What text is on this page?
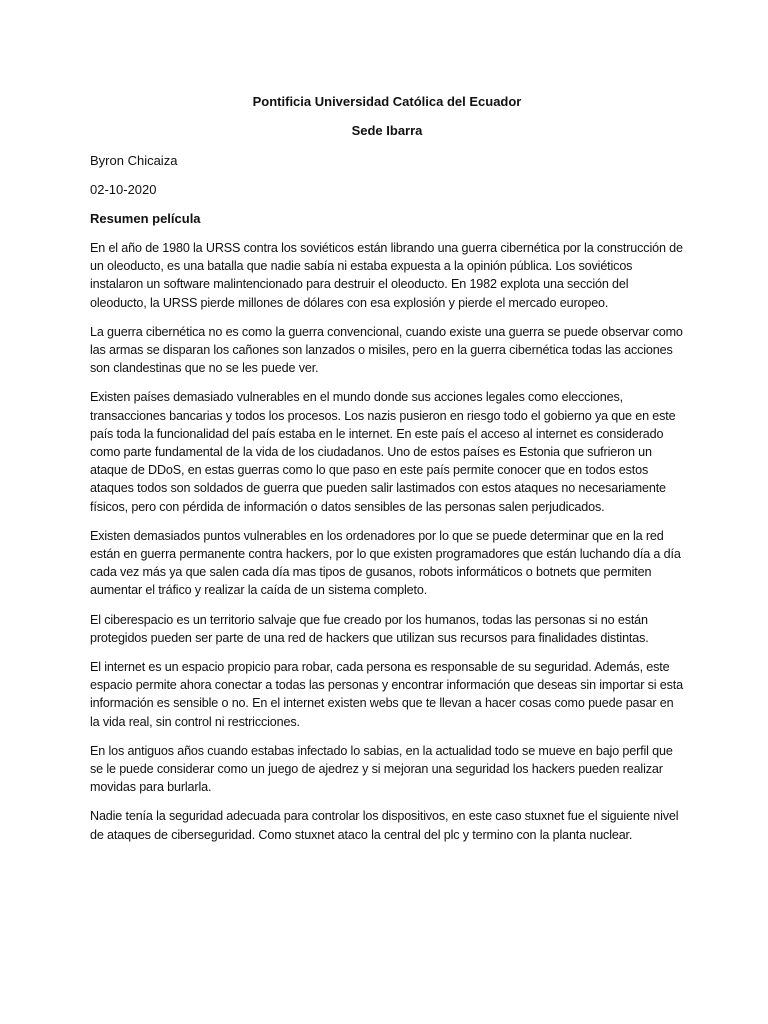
Pontificia Universidad Católica del Ecuador

Sede Ibarra

Byron Chicaiza

02-10-2020

Resumen película

En el año de 1980 la URSS contra los soviéticos están librando una guerra cibernética por la construcción de un oleoducto, es una batalla que nadie sabía ni estaba expuesta a la opinión pública. Los soviéticos instalaron un software malintencionado para destruir el oleoducto. En 1982 explota una sección del oleoducto, la URSS pierde millones de dólares con esa explosión y pierde el mercado europeo.

La guerra cibernética no es como la guerra convencional, cuando existe una guerra se puede observar como las armas se disparan los cañones son lanzados o misiles, pero en la guerra cibernética todas las acciones son clandestinas que no se les puede ver.

Existen países demasiado vulnerables en el mundo donde sus acciones legales como elecciones, transacciones bancarias y todos los procesos. Los nazis pusieron en riesgo todo el gobierno ya que en este país toda la funcionalidad del país estaba en le internet. En este país el acceso al internet es considerado como parte fundamental de la vida de los ciudadanos. Uno de estos países es Estonia que sufrieron un ataque de DDoS, en estas guerras como lo que paso en este país permite conocer que en todos estos ataques todos son soldados de guerra que pueden salir lastimados con estos ataques no necesariamente físicos, pero con pérdida de información o datos sensibles de las personas salen perjudicados.

Existen demasiados puntos vulnerables en los ordenadores por lo que se puede determinar que en la red están en guerra permanente contra hackers, por lo que existen programadores que están luchando día a día cada vez más ya que salen cada día mas tipos de gusanos, robots informáticos o botnets que permiten aumentar el tráfico y realizar la caída de un sistema completo.

El ciberespacio es un territorio salvaje que fue creado por los humanos, todas las personas si no están protegidos pueden ser parte de una red de hackers que utilizan sus recursos para finalidades distintas.

El internet es un espacio propicio para robar, cada persona es responsable de su seguridad. Además, este espacio permite ahora conectar a todas las personas y encontrar información que deseas sin importar si esta información es sensible o no. En el internet existen webs que te llevan a hacer cosas como puede pasar en la vida real, sin control ni restricciones.

En los antiguos años cuando estabas infectado lo sabias, en la actualidad todo se mueve en bajo perfil que se le puede considerar como un juego de ajedrez y si mejoran una seguridad los hackers pueden realizar movidas para burlarla.

Nadie tenía la seguridad adecuada para controlar los dispositivos, en este caso stuxnet fue el siguiente nivel de ataques de ciberseguridad. Como stuxnet ataco la central del plc y termino con la planta nuclear.
